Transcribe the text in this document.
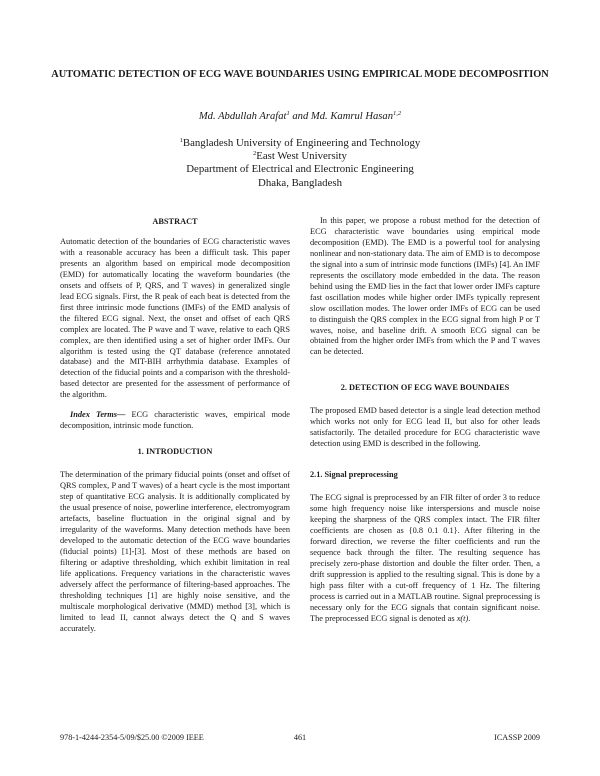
AUTOMATIC DETECTION OF ECG WAVE BOUNDARIES USING EMPIRICAL MODE DECOMPOSITION
Md. Abdullah Arafat$^1$ and Md. Kamrul Hasan$^{1,2}$
$^1$Bangladesh University of Engineering and Technology
$^2$East West University
Department of Electrical and Electronic Engineering
Dhaka, Bangladesh
ABSTRACT

Automatic detection of the boundaries of ECG characteristic waves with a reasonable accuracy has been a difficult task. This paper presents an algorithm based on empirical mode decomposition (EMD) for automatically locating the waveform boundaries (the onsets and offsets of P, QRS, and T waves) in generalized single lead ECG signals. First, the R peak of each beat is detected from the first three intrinsic mode functions (IMFs) of the EMD analysis of the filtered ECG signal. Next, the onset and offset of each QRS complex are located. The P wave and T wave, relative to each QRS complex, are then identified using a set of higher order IMFs. Our algorithm is tested using the QT database (reference annotated database) and the MIT-BIH arrhythmia database. Examples of detection of the fiducial points and a comparison with the threshold-based detector are presented for the assessment of performance of the algorithm.

Index Terms— ECG characteristic waves, empirical mode decomposition, intrinsic mode function.

1. INTRODUCTION

The determination of the primary fiducial points (onset and offset of QRS complex, P and T waves) of a heart cycle is the most important step of quantitative ECG analysis. It is additionally complicated by the usual presence of noise, powerline interference, electromyogram artefacts, baseline fluctuation in the original signal and by irregularity of the waveforms. Many detection methods have been developed to the automatic detection of the ECG wave boundaries (fiducial points) [1]-[3]. Most of these methods are based on filtering or adaptive thresholding, which exhibit limitation in real life applications. Frequency variations in the characteristic waves adversely affect the performance of filtering-based approaches. The thresholding techniques [1] are highly noise sensitive, and the multiscale morphological derivative (MMD) method [3], which is limited to lead II, cannot always detect the Q and S waves accurately.

In this paper, we propose a robust method for the detection of ECG characteristic wave boundaries using empirical mode decomposition (EMD). The EMD is a powerful tool for analysing nonlinear and non-stationary data. The aim of EMD is to decompose the signal into a sum of intrinsic mode functions (IMFs) [4]. An IMF represents the oscillatory mode embedded in the data. The reason behind using the EMD lies in the fact that lower order IMFs capture fast oscillation modes while higher order IMFs typically represent slow oscillation modes. The lower order IMFs of ECG can be used to distinguish the QRS complex in the ECG signal from high P or T waves, noise, and baseline drift. A smooth ECG signal can be obtained from the higher order IMFs from which the P and T waves can be detected.

2. DETECTION OF ECG WAVE BOUNDAIES

The proposed EMD based detector is a single lead detection method which works not only for ECG lead II, but also for other leads satisfactorily. The detailed procedure for ECG characteristic wave detection using EMD is described in the following.

2.1. Signal preprocessing

The ECG signal is preprocessed by an FIR filter of order 3 to reduce some high frequency noise like interspersions and muscle noise keeping the sharpness of the QRS complex intact. The FIR filter coefficients are chosen as {0.8 0.1 0.1}. After filtering in the forward direction, we reverse the filter coefficients and run the sequence back through the filter. The resulting sequence has precisely zero-phase distortion and double the filter order. Then, a drift suppression is applied to the resulting signal. This is done by a high pass filter with a cut-off frequency of 1 Hz. The filtering process is carried out in a MATLAB routine. Signal preprocessing is necessary only for the ECG signals that contain significant noise. The preprocessed ECG signal is denoted as x(t).

978-1-4244-2354-5/09/$25.00 ©2009 IEEE	461	ICASSP 2009
